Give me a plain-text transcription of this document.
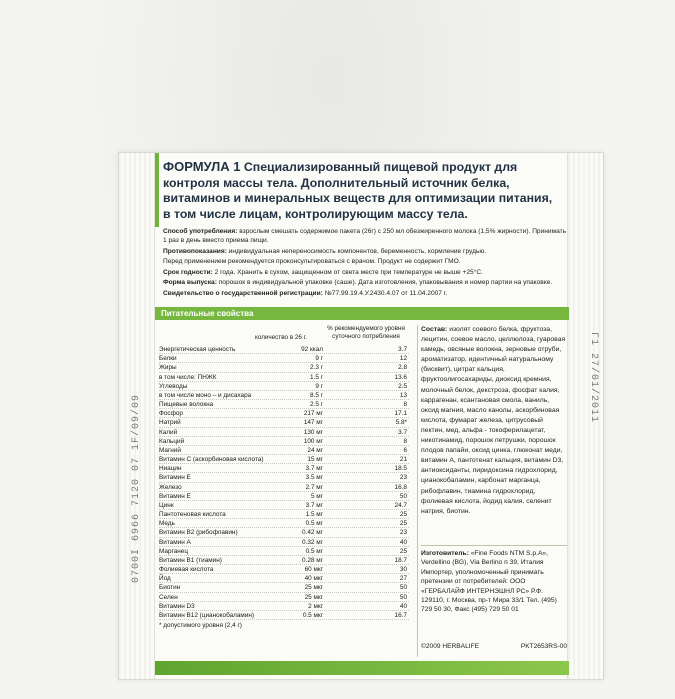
0700I 6966 7120 07 1F/09/09
Г1 27/01/2011
ФОРМУЛА 1 Специализированный пищевой продукт для контроля массы тела. Дополнительный источник белка, витаминов и минеральных веществ для оптимизации питания, в том числе лицам, контролирующим массу тела.

Способ употребления: взрослым смешать содержимое пакета (26г) с 250 мл обезжиренного молока (1,5% жирности). Принимать 1 раз в день вместо приема пищи.

Противопоказания: индивидуальная непереносимость компонентов, беременность, кормление грудью.

Перед применением рекомендуется проконсультироваться с врачом. Продукт не содержит ГМО.

Срок годности: 2 года. Хранить в сухом, защищенном от света месте при температуре не выше +25°C.

Форма выпуска: порошок в индивидуальной упаковке (саше). Дата изготовления, упаковывания и номер партии на упаковке.

Свидетельство о государственной регистрации: №77.99.19.4.У.2430.4.07 от 11.04.2007 г.

Питательные свойства
количество в 26 г.
% рекомендуемого уровня суточного потребления
Энергетическая ценность	92 ккал	3.7
Белки	9 г	12
Жиры	2.3 г	2.8
в том числе: ПНЖК	1.5 г	13.6
Углеводы	9 г	2.5
в том числе моно – и дисахара	8.5 г	13
Пищевые волокна	2.5 г	8
Фосфор	217 мг	17.1
Натрий	147 мг	5.8*
Калий	130 мг	3.7
Кальций	100 мг	8
Магний	24 мг	6
Витамин С (аскорбиновая кислота)	15 мг	21
Ниацин	3.7 мг	18.5
Витамин Е	3.5 мг	23
Железо	2.7 мг	16.8
Витамин Е	5 мг	50
Цинк	3.7 мг	24.7
Пантотеновая кислота	1.5 мг	25
Медь	0.5 мг	25
Витамин В2 (рибофлавин)	0.42 мг	23
Витамин А	0.32 мг	40
Марганец	0.5 мг	25
Витамин В1 (тиамин)	0.28 мг	18.7
Фолиевая кислота	60 мкг	30
Йод	40 мкг	27
Биотин	25 мкг	50
Селен	25 мкг	50
Витамин D3	2 мкг	40
Витамин В12 (цианокобаламин)	0.5 мкг	16.7
* допустимого уровня (2,4 г)
Состав: изолят соевого белка, фруктоза, лецитин, соевое масло, целлюлоза, гуаровая камедь, овсяные волокна, зерновые отруби, ароматизатор, идентичный натуральному (бисквит), цитрат кальция, фруктоолигосахариды, диоксид кремния, молочный белок, декстроза, фосфат калия, каррагенан, ксантановая смола, ваниль, оксид магния, масло канолы, аскорбиновая кислота, фумарат железа, цитрусовый пектин, мед, альфа - токоферилацетат, никотинамид, порошок петрушки, порошок плодов папайи, оксид цинка, глюконат меди, витамин А, пантотенат кальция, витамин D3, антиоксиданты, пиридоксина гидрохлорид, цианокобаламин, карбонат марганца, рибофлавин, тиамина гидрохлорид, фолиевая кислота, йодид калия, селенит натрия, биотин.
Изготовитель: «Fine Foods NTM S.p.A», Verdellino (BG), Via Berlino п 39, Италия Импортер, уполномоченный принимать претензии от потребителей: ООО «ГЕРБАЛАЙФ ИНТЕРНЭШНЛ РС» Р.Ф. 129110, г. Москва, пр-т Мира 33/1 Тел. (495) 729 50 30, Факс (495) 729 50 01
©2009 HERBALIFE	PKT2653RS-00
